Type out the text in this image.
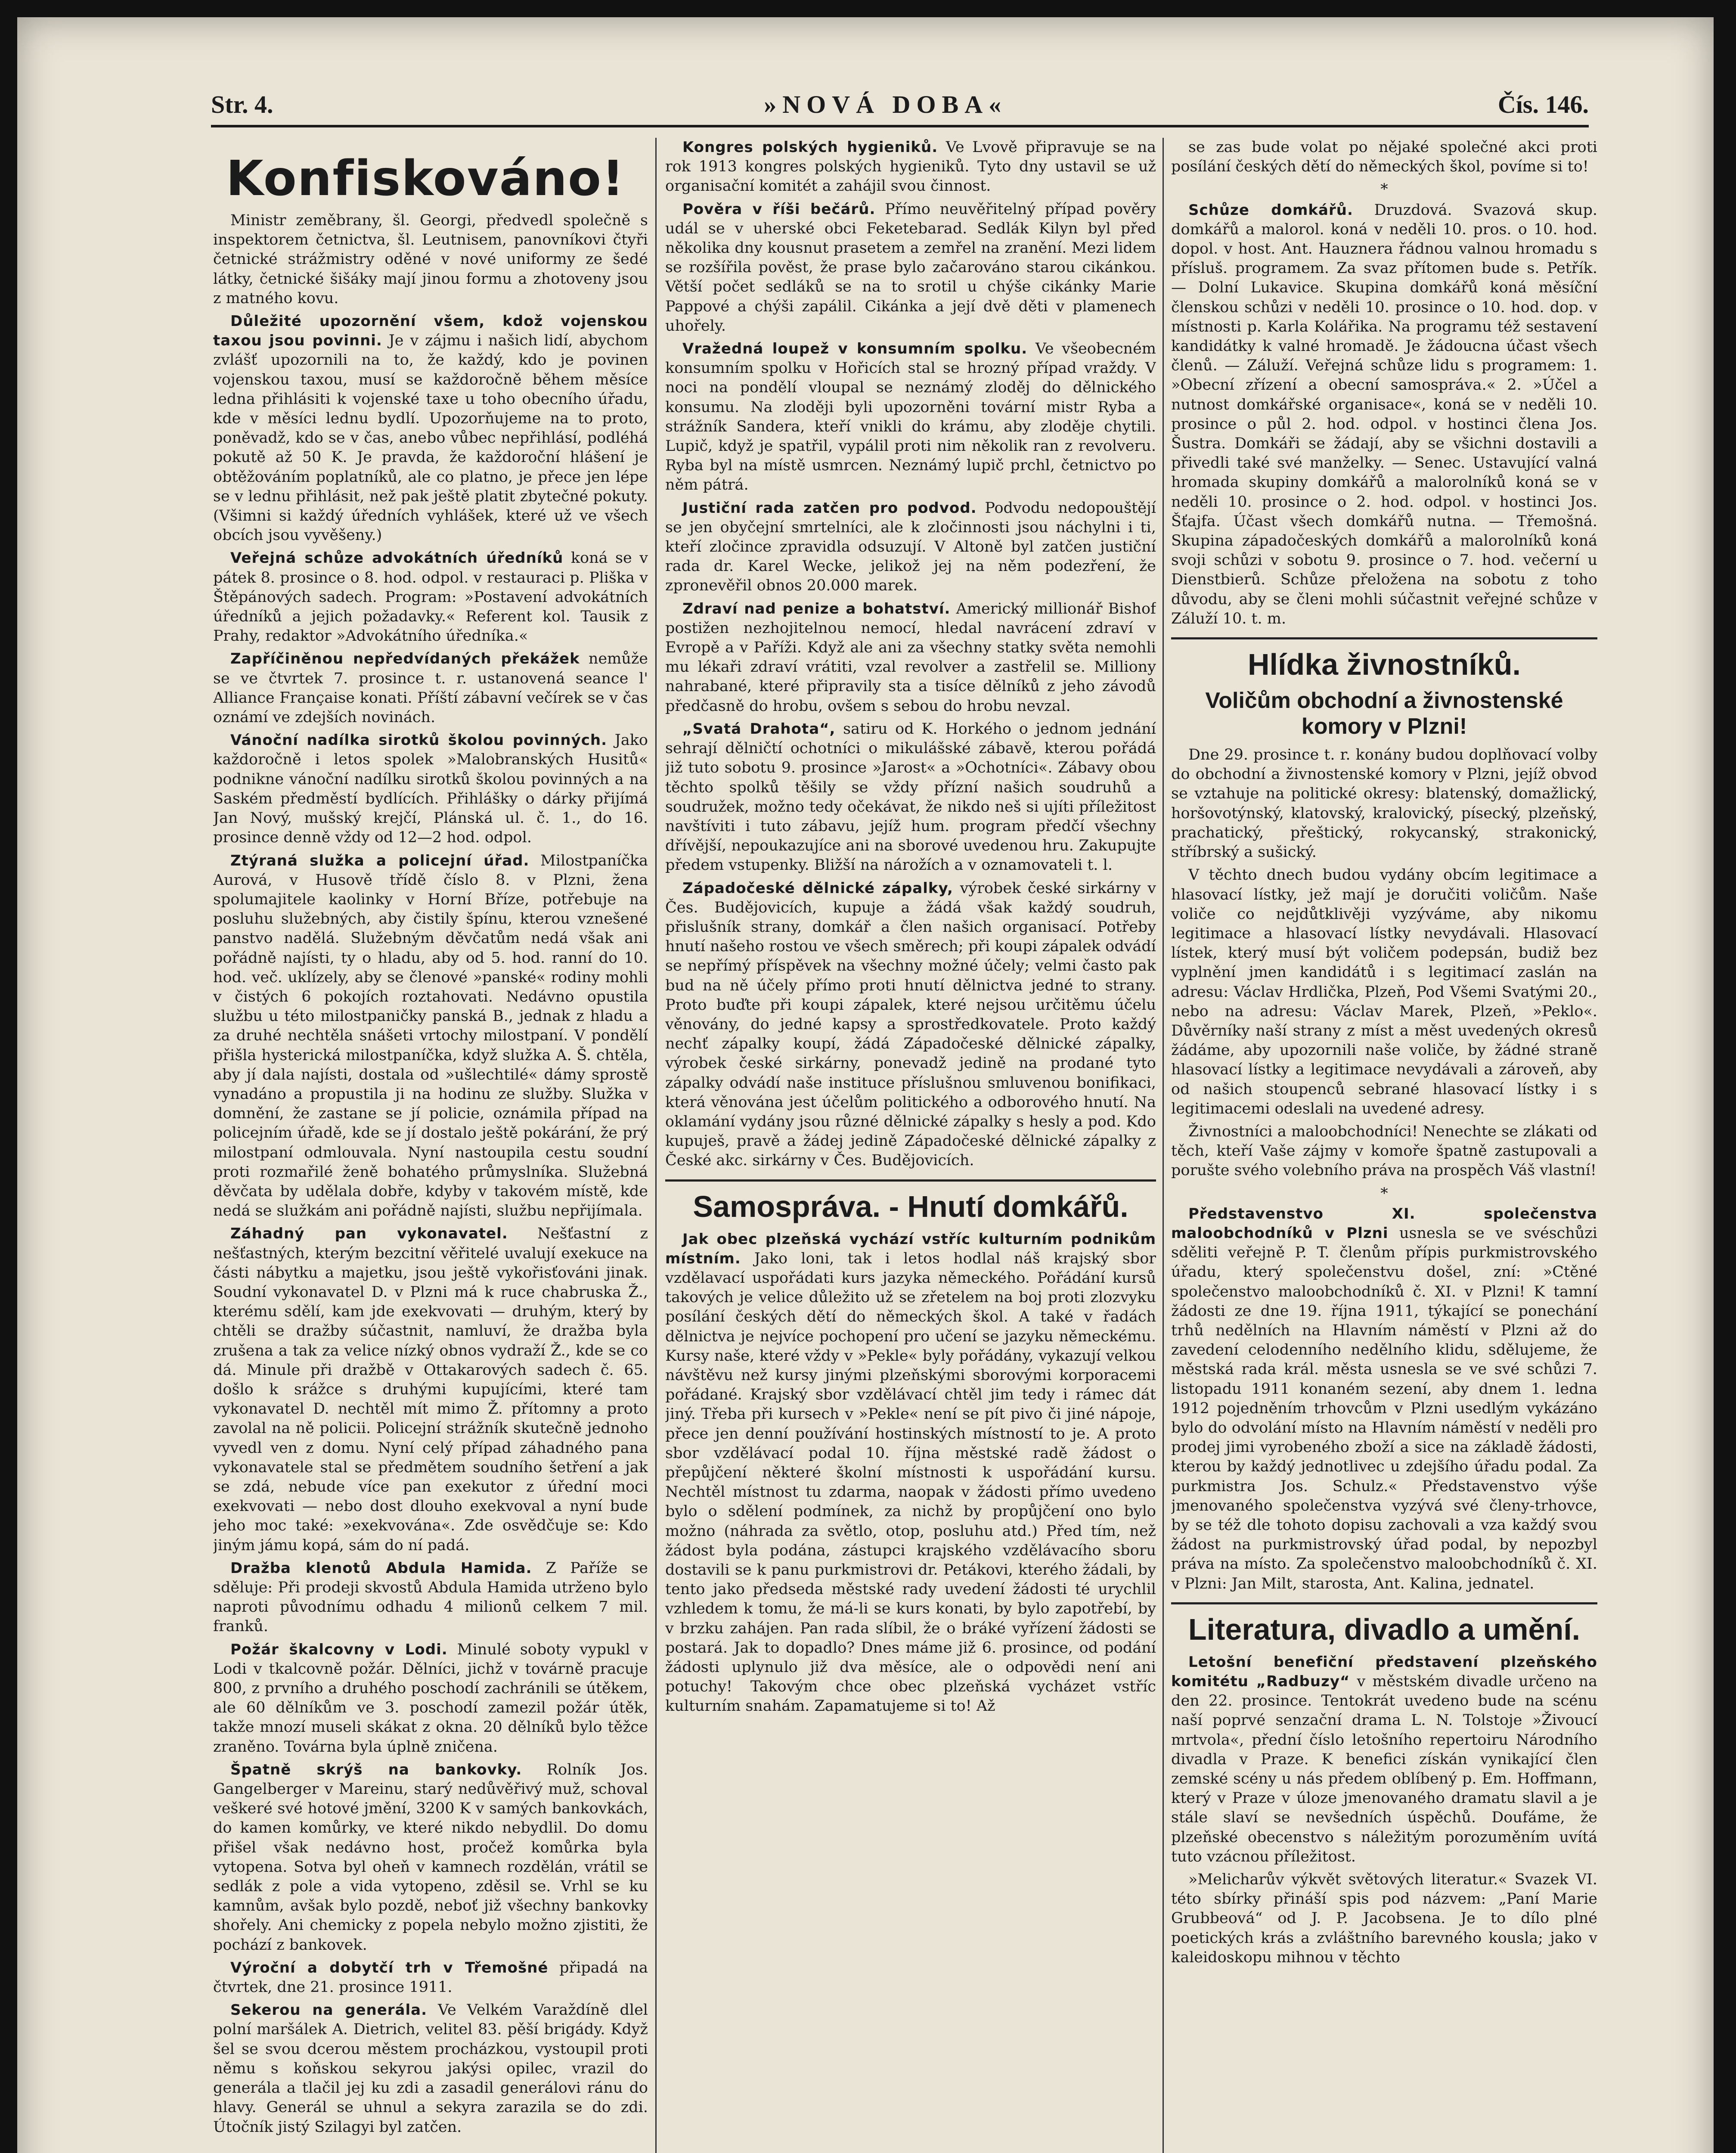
Str. 4.	»NOVÁ DOBA«	Čís. 146.
Konfiskováno!

Ministr zeměbrany, šl. Georgi, předvedl společně s inspektorem četnictva, šl. Leutnisem, panovníkovi čtyři četnické strážmistry oděné v nové uniformy ze šedé látky, četnické šišáky mají jinou formu a zhotoveny jsou z matného kovu.

Důležité upozornění všem, kdož vojenskou taxou jsou povinni. Je v zájmu i našich lidí, abychom zvlášť upozornili na to, že každý, kdo je povinen vojenskou taxou, musí se každoročně během měsíce ledna přihlásiti k vojenské taxe u toho obecního úřadu, kde v měsíci lednu bydlí. Upozorňujeme na to proto, poněvadž, kdo se v čas, anebo vůbec nepřihlásí, podléhá pokutě až 50 K. Je pravda, že každoroční hlášení je obtěžováním poplatníků, ale co platno, je přece jen lépe se v lednu přihlásit, než pak ještě platit zbytečné pokuty. (Všimni si každý úředních vyhlášek, které už ve všech obcích jsou vyvěšeny.)

Veřejná schůze advokátních úředníků koná se v pátek 8. prosince o 8. hod. odpol. v restauraci p. Pliška v Štěpánových sadech. Program: »Postavení advokátních úředníků a jejich požadavky.« Referent kol. Tausik z Prahy, redaktor »Advokátního úředníka.«

Zapříčiněnou nepředvídaných překážek nemůže se ve čtvrtek 7. prosince t. r. ustanovená seance l' Alliance Française konati. Příští zábavní večírek se v čas oznámí ve zdejších novinách.

Vánoční nadílka sirotků školou povinných. Jako každoročně i letos spolek »Malobranských Husitů« podnikne vánoční nadílku sirotků školou povinných a na Saském předměstí bydlících. Přihlášky o dárky přijímá Jan Nový, mušský krejčí, Plánská ul. č. 1., do 16. prosince denně vždy od 12—2 hod. odpol.

Ztýraná služka a policejní úřad. Milostpaníčka Aurová, v Husově třídě číslo 8. v Plzni, žena spolumajitele kaolinky v Horní Bříze, potřebuje na posluhu služebných, aby čistily špínu, kterou vznešené panstvo nadělá. Služebným děvčatům nedá však ani pořádně najísti, ty o hladu, aby od 5. hod. ranní do 10. hod. več. uklízely, aby se členové »panské« rodiny mohli v čistých 6 pokojích roztahovati. Nedávno opustila službu u této milostpaničky panská B., jednak z hladu a za druhé nechtěla snášeti vrtochy milostpaní. V pondělí přišla hysterická milostpaníčka, když služka A. Š. chtěla, aby jí dala najísti, dostala od »ušlechtilé« dámy sprostě vynadáno a propustila ji na hodinu ze služby. Služka v domnění, že zastane se jí policie, oznámila případ na policejním úřadě, kde se jí dostalo ještě pokárání, že prý milostpaní odmlouvala. Nyní nastoupila cestu soudní proti rozmařilé ženě bohatého průmyslníka. Služebná děvčata by udělala dobře, kdyby v takovém místě, kde nedá se služkám ani pořádně najísti, službu nepřijímala.

Záhadný pan vykonavatel. Nešťastní z nešťastných, kterým bezcitní věřitelé uvalují exekuce na části nábytku a majetku, jsou ještě vykořisťováni jinak. Soudní vykonavatel D. v Plzni má k ruce chabruska Ž., kterému sdělí, kam jde exekvovati — druhým, který by chtěli se dražby súčastnit, namluví, že dražba byla zrušena a tak za velice nízký obnos vydraží Ž., kde se co dá. Minule při dražbě v Ottakarových sadech č. 65. došlo k srážce s druhými kupujícími, které tam vykonavatel D. nechtěl mít mimo Ž. přítomny a proto zavolal na ně policii. Policejní strážník skutečně jednoho vyvedl ven z domu. Nyní celý případ záhadného pana vykonavatele stal se předmětem soudního šetření a jak se zdá, nebude více pan exekutor z úřední moci exekvovati — nebo dost dlouho exekvoval a nyní bude jeho moc také: »exekvována«. Zde osvědčuje se: Kdo jiným jámu kopá, sám do ní padá.

Dražba klenotů Abdula Hamida. Z Paříže se sděluje: Při prodeji skvostů Abdula Hamida utrženo bylo naproti původnímu odhadu 4 milionů celkem 7 mil. franků.

Požár škalcovny v Lodi. Minulé soboty vypukl v Lodi v tkalcovně požár. Dělníci, jichž v továrně pracuje 800, z prvního a druhého poschodí zachránili se útěkem, ale 60 dělníkům ve 3. poschodí zamezil požár útěk, takže mnozí museli skákat z okna. 20 dělníků bylo těžce zraněno. Továrna byla úplně zničena.

Špatně skrýš na bankovky. Rolník Jos. Gangelberger v Mareinu, starý nedůvěřivý muž, schoval veškeré své hotové jmění, 3200 K v samých bankovkách, do kamen komůrky, ve které nikdo nebydlil. Do domu přišel však nedávno host, pročež komůrka byla vytopena. Sotva byl oheň v kamnech rozdělán, vrátil se sedlák z pole a vida vytopeno, zděsil se. Vrhl se ku kamnům, avšak bylo pozdě, neboť již všechny bankovky shořely. Ani chemicky z popela nebylo možno zjistiti, že pochází z bankovek.

Výroční a dobytčí trh v Třemošné připadá na čtvrtek, dne 21. prosince 1911.

Sekerou na generála. Ve Velkém Varaždíně dlel polní maršálek A. Dietrich, velitel 83. pěší brigády. Když šel se svou dcerou městem procházkou, vystoupil proti němu s koňskou sekyrou jakýsi opilec, vrazil do generála a tlačil jej ku zdi a zasadil generálovi ránu do hlavy. Generál se uhnul a sekyra zarazila se do zdi. Útočník jistý Szilagyi byl zatčen.

Kongres polských hygieniků. Ve Lvově připravuje se na rok 1913 kongres polských hygieniků. Tyto dny ustavil se už organisační komitét a zahájil svou činnost.

Pověra v říši bečárů. Přímo neuvěřitelný případ pověry udál se v uherské obci Feketebarad. Sedlák Kilyn byl před několika dny kousnut prasetem a zemřel na zranění. Mezi lidem se rozšířila pověst, že prase bylo začarováno starou cikánkou. Větší počet sedláků se na to srotil u chýše cikánky Marie Pappové a chýši zapálil. Cikánka a její dvě děti v plamenech uhořely.

Vražedná loupež v konsumním spolku. Ve všeobecném konsumním spolku v Hořicích stal se hrozný případ vraždy. V noci na pondělí vloupal se neznámý zloděj do dělnického konsumu. Na zloději byli upozorněni tovární mistr Ryba a strážník Sandera, kteří vnikli do krámu, aby zloděje chytili. Lupič, když je spatřil, vypálil proti nim několik ran z revolveru. Ryba byl na místě usmrcen. Neznámý lupič prchl, četnictvo po něm pátrá.

Justiční rada zatčen pro podvod. Podvodu nedopouštějí se jen obyčejní smrtelníci, ale k zločinnosti jsou náchylni i ti, kteří zločince zpravidla odsuzují. V Altoně byl zatčen justiční rada dr. Karel Wecke, jelikož jej na něm podezření, že zpronevěřil obnos 20.000 marek.

Zdraví nad penize a bohatství. Americký millionář Bishof postižen nezhojitelnou nemocí, hledal navrácení zdraví v Evropě a v Paříži. Když ale ani za všechny statky světa nemohli mu lékaři zdraví vrátiti, vzal revolver a zastřelil se. Milliony nahrabané, které připravily sta a tisíce dělníků z jeho závodů předčasně do hrobu, ovšem s sebou do hrobu nevzal.

„Svatá Drahota“, satiru od K. Horkého o jednom jednání sehrají dělničtí ochotníci o mikulášské zábavě, kterou pořádá již tuto sobotu 9. prosince »Jarost« a »Ochotníci«. Zábavy obou těchto spolků těšily se vždy přízní našich soudruhů a soudružek, možno tedy očekávat, že nikdo neš si ujíti příležitost navštíviti i tuto zábavu, jejíž hum. program předčí všechny dřívější, nepoukazujíce ani na sborové uvedenou hru. Zakupujte předem vstupenky. Bližší na nárožích a v oznamovateli t. l.

Západočeské dělnické zápalky, výrobek české sirkárny v Čes. Budějovicích, kupuje a žádá však každý soudruh, přislušník strany, domkář a člen našich organisací. Potřeby hnutí našeho rostou ve všech směrech; při koupi zápalek odvádí se nepřímý příspěvek na všechny možné účely; velmi často pak bud na ně účely přímo proti hnutí dělnictva jedné to strany. Proto buďte při koupi zápalek, které nejsou určitěmu účelu věnovány, do jedné kapsy a sprostředkovatele. Proto každý nechť zápalky koupí, žádá Západočeské dělnické zápalky, výrobek české sirkárny, ponevadž jedině na prodané tyto zápalky odvádí naše instituce příslušnou smluvenou bonifikaci, která věnována jest účelům politického a odborového hnutí. Na oklamání vydány jsou různé dělnické zápalky s hesly a pod. Kdo kupuješ, pravě a žádej jedině Západočeské dělnické zápalky z České akc. sirkárny v Čes. Budějovicích.

Samospráva. - Hnutí domkářů.

Jak obec plzeňská vychází vstříc kulturním podnikům místním. Jako loni, tak i letos hodlal náš krajský sbor vzdělavací uspořádati kurs jazyka německého. Pořádání kursů takových je velice důležito už se zřetelem na boj proti zlozvyku posílání českých dětí do německých škol. A také v řadách dělnictva je nejvíce pochopení pro učení se jazyku německému. Kursy naše, které vždy v »Pekle« byly pořádány, vykazují velkou návštěvu než kursy jinými plzeňskými sborovými korporacemi pořádané. Krajský sbor vzdělávací chtěl jim tedy i rámec dát jiný. Třeba při kursech v »Pekle« není se pít pivo či jiné nápoje, přece jen denní používání hostinských místností to je. A proto sbor vzdělávací podal 10. října městské radě žádost o přepůjčení některé školní místnosti k uspořádání kursu. Nechtěl místnost tu zdarma, naopak v žádosti přímo uvedeno bylo o sdělení podmínek, za nichž by propůjčení ono bylo možno (náhrada za světlo, otop, posluhu atd.) Před tím, než žádost byla podána, zástupci krajského vzdělávacího sboru dostavili se k panu purkmistrovi dr. Petákovi, kterého žádali, by tento jako předseda městské rady uvedení žádosti té urychlil vzhledem k tomu, že má-li se kurs konati, by bylo zapotřebí, by v brzku zahájen. Pan rada slíbil, že o bráké vyřízení žádosti se postará. Jak to dopadlo? Dnes máme již 6. prosince, od podání žádosti uplynulo již dva měsíce, ale o odpovědi není ani potuchy! Takovým chce obec plzeňská vycházet vstříc kulturním snahám. Zapamatujeme si to! Až

se zas bude volat po nějaké společné akci proti posílání českých dětí do německých škol, povíme si to!

*

Schůze domkářů. Druzdová. Svazová skup. domkářů a malorol. koná v neděli 10. pros. o 10. hod. dopol. v host. Ant. Hauznera řádnou valnou hromadu s přísluš. programem. Za svaz přítomen bude s. Petřík. — Dolní Lukavice. Skupina domkářů koná měsíční členskou schůzi v neděli 10. prosince o 10. hod. dop. v místnosti p. Karla Kolářika. Na programu též sestavení kandidátky k valné hromadě. Je žádoucna účast všech členů. — Záluží. Veřejná schůze lidu s programem: 1. »Obecní zřízení a obecní samospráva.« 2. »Účel a nutnost domkářské organisace«, koná se v neděli 10. prosince o půl 2. hod. odpol. v hostinci člena Jos. Šustra. Domkáři se žádají, aby se všichni dostavili a přivedli také své manželky. — Senec. Ustavující valná hromada skupiny domkářů a malorolníků koná se v neděli 10. prosince o 2. hod. odpol. v hostinci Jos. Šťajfa. Účast všech domkářů nutna. — Třemošná. Skupina západočeských domkářů a malorolníků koná svoji schůzi v sobotu 9. prosince o 7. hod. večerní u Dienstbierů. Schůze přeložena na sobotu z toho důvodu, aby se členi mohli súčastnit veřejné schůze v Záluží 10. t. m.

Hlídka živnostníků.
Voličům obchodní a živnostenské komory v Plzni!

Dne 29. prosince t. r. konány budou doplňovací volby do obchodní a živnostenské komory v Plzni, jejíž obvod se vztahuje na politické okresy: blatenský, domažlický, horšovotýnský, klatovský, kralovický, písecký, plzeňský, prachatický, přeštický, rokycanský, strakonický, stříbrský a sušický.

V těchto dnech budou vydány obcím legitimace a hlasovací lístky, jež mají je doručiti voličům. Naše voliče co nejdůtklivěji vyzýváme, aby nikomu legitimace a hlasovací lístky nevydávali. Hlasovací lístek, který musí být voličem podepsán, budiž bez vyplnění jmen kandidátů i s legitimací zaslán na adresu: Václav Hrdlička, Plzeň, Pod Všemi Svatými 20., nebo na adresu: Václav Marek, Plzeň, »Peklo«. Důvěrníky naší strany z míst a měst uvedených okresů žádáme, aby upozornili naše voliče, by žádné straně hlasovací lístky a legitimace nevydávali a zároveň, aby od našich stoupenců sebrané hlasovací lístky i s legitimacemi odeslali na uvedené adresy.

Živnostníci a maloobchodníci! Nenechte se zlákati od těch, kteří Vaše zájmy v komoře špatně zastupovali a porušte svého volebního práva na prospěch Váš vlastní!

*

Představenstvo XI. společenstva maloobchodníků v Plzni usnesla se ve svéschůzi sděliti veřejně P. T. členům přípis purkmistrovského úřadu, který společenstvu došel, zní: »Ctěné společenstvo maloobchodníků č. XI. v Plzni! K tamní žádosti ze dne 19. října 1911, týkající se ponechání trhů nedělních na Hlavním náměstí v Plzni až do zavedení celodenního nedělního klidu, sdělujeme, že městská rada král. města usnesla se ve své schůzi 7. listopadu 1911 konaném sezení, aby dnem 1. ledna 1912 pojedněním trhovcům v Plzni usedlým vykázáno bylo do odvolání místo na Hlavním náměstí v neděli pro prodej jimi vyrobeného zboží a sice na základě žádosti, kterou by každý jednotlivec u zdejšího úřadu podal. Za purkmistra Jos. Schulz.« Představenstvo výše jmenovaného společenstva vyzývá své členy-trhovce, by se též dle tohoto dopisu zachovali a vza každý svou žádost na purkmistrovský úřad podal, by nepozbyl práva na místo. Za společenstvo maloobchodníků č. XI. v Plzni: Jan Milt, starosta, Ant. Kalina, jednatel.

Literatura, divadlo a umění.

Letošní benefiční představení plzeňského komitétu „Radbuzy“ v městském divadle určeno na den 22. prosince. Tentokrát uvedeno bude na scénu naší poprvé senzační drama L. N. Tolstoje »Živoucí mrtvola«, přední číslo letošního repertoiru Národního divadla v Praze. K benefici získán vynikající člen zemské scény u nás předem oblíbený p. Em. Hoffmann, který v Praze v úloze jmenovaného dramatu slavil a je stále slaví se nevšedních úspěchů. Doufáme, že plzeňské obecenstvo s náležitým porozuměním uvítá tuto vzácnou příležitost.

»Melicharův výkvět světových literatur.« Svazek VI. této sbírky přináší spis pod názvem: „Paní Marie Grubbeová“ od J. P. Jacobsena. Je to dílo plné poetických krás a zvláštního barevného kousla; jako v kaleidoskopu mihnou v těchto
